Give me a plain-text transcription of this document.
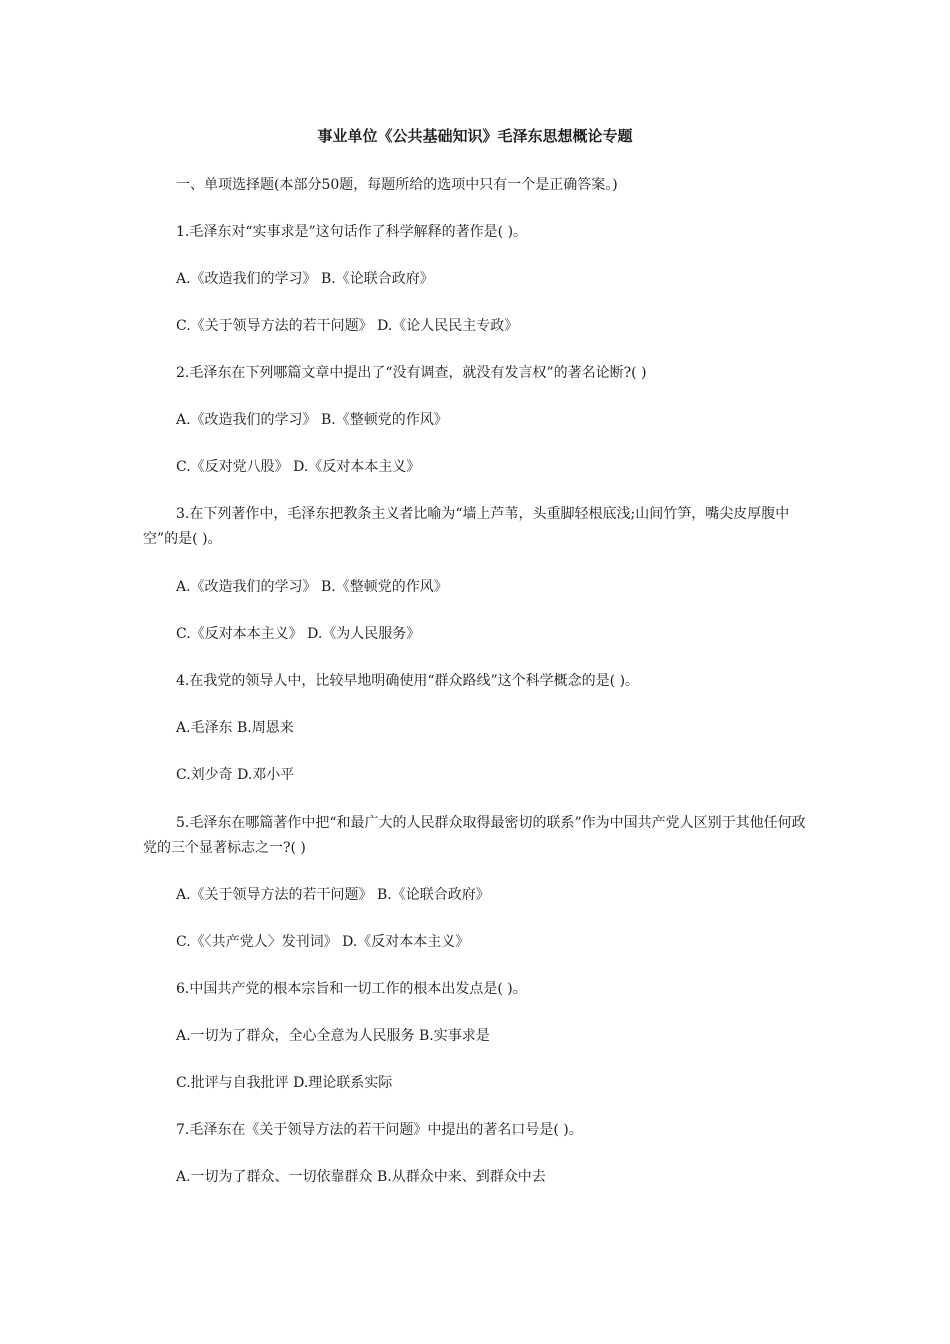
事业单位《公共基础知识》毛泽东思想概论专题

一、单项选择题(本部分50题，每题所给的选项中只有一个是正确答案。)

1.毛泽东对“实事求是”这句话作了科学解释的著作是( )。

A.《改造我们的学习》 B.《论联合政府》

C.《关于领导方法的若干问题》 D.《论人民民主专政》

2.毛泽东在下列哪篇文章中提出了“没有调查，就没有发言权”的著名论断?( )

A.《改造我们的学习》 B.《整顿党的作风》

C.《反对党八股》 D.《反对本本主义》

3.在下列著作中，毛泽东把教条主义者比喻为“墙上芦苇，头重脚轻根底浅;山间竹笋，嘴尖皮厚腹中空”的是( )。

A.《改造我们的学习》 B.《整顿党的作风》

C.《反对本本主义》 D.《为人民服务》

4.在我党的领导人中，比较早地明确使用“群众路线”这个科学概念的是( )。

A.毛泽东 B.周恩来

C.刘少奇 D.邓小平

5.毛泽东在哪篇著作中把“和最广大的人民群众取得最密切的联系”作为中国共产党人区别于其他任何政党的三个显著标志之一?( )

A.《关于领导方法的若干问题》 B.《论联合政府》

C.《〈共产党人〉发刊词》 D.《反对本本主义》

6.中国共产党的根本宗旨和一切工作的根本出发点是( )。

A.一切为了群众，全心全意为人民服务 B.实事求是

C.批评与自我批评 D.理论联系实际

7.毛泽东在《关于领导方法的若干问题》中提出的著名口号是( )。

A.一切为了群众、一切依靠群众 B.从群众中来、到群众中去
